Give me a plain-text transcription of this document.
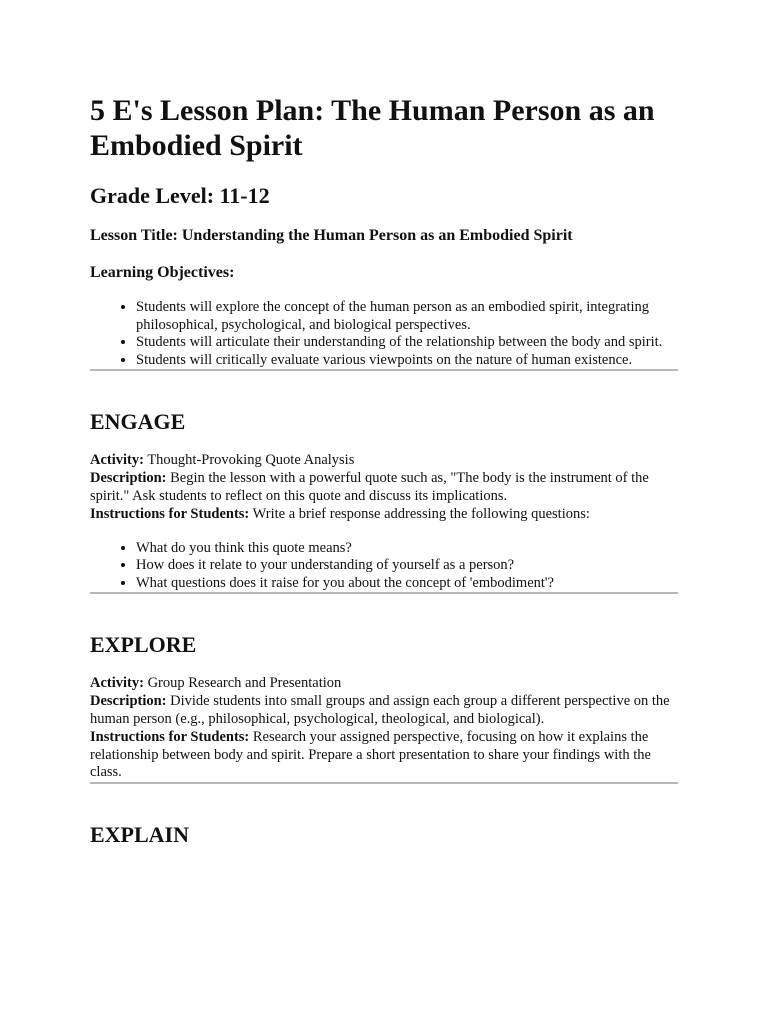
5 E's Lesson Plan: The Human Person as an Embodied Spirit
Grade Level: 11-12

Lesson Title: Understanding the Human Person as an Embodied Spirit

Learning Objectives:

• Students will explore the concept of the human person as an embodied spirit, integrating philosophical, psychological, and biological perspectives.
• Students will articulate their understanding of the relationship between the body and spirit.
• Students will critically evaluate various viewpoints on the nature of human existence.
ENGAGE

Activity: Thought-Provoking Quote Analysis
Description: Begin the lesson with a powerful quote such as, "The body is the instrument of the spirit." Ask students to reflect on this quote and discuss its implications.
Instructions for Students: Write a brief response addressing the following questions:

• What do you think this quote means?
• How does it relate to your understanding of yourself as a person?
• What questions does it raise for you about the concept of 'embodiment'?
EXPLORE

Activity: Group Research and Presentation
Description: Divide students into small groups and assign each group a different perspective on the human person (e.g., philosophical, psychological, theological, and biological).
Instructions for Students: Research your assigned perspective, focusing on how it explains the relationship between body and spirit. Prepare a short presentation to share your findings with the class.

EXPLAIN
